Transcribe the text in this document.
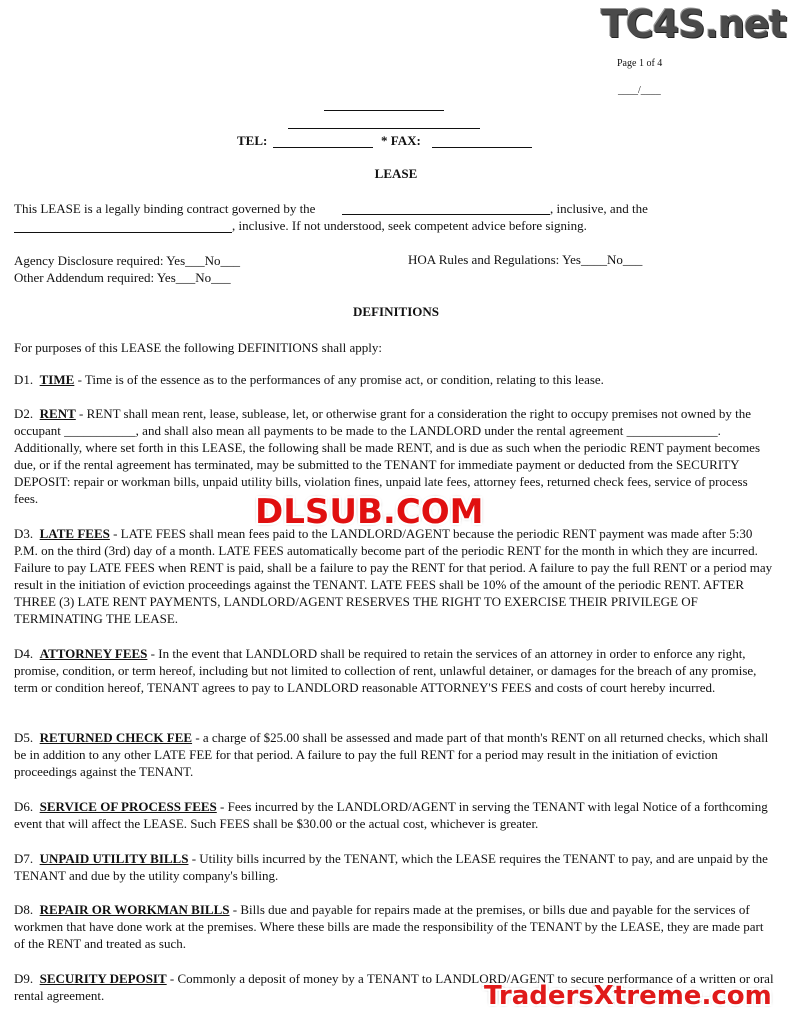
TC4S.net
Page 1 of 4
____/____
TEL:	* FAX:
LEASE
This LEASE is a legally binding contract governed by the	, inclusive, and the
, inclusive. If not understood, seek competent advice before signing.
Agency Disclosure required: Yes___No___	HOA Rules and Regulations: Yes____No___
Other Addendum required: Yes___No___
DEFINITIONS
For purposes of this LEASE the following DEFINITIONS shall apply:

D1. TIME - Time is of the essence as to the performances of any promise act, or condition, relating to this lease.

D2. RENT - RENT shall mean rent, lease, sublease, let, or otherwise grant for a consideration the right to occupy premises not owned by the occupant ___________, and shall also mean all payments to be made to the LANDLORD under the rental agreement ______________. Additionally, where set forth in this LEASE, the following shall be made RENT, and is due as such when the periodic RENT payment becomes due, or if the rental agreement has terminated, may be submitted to the TENANT for immediate payment or deducted from the SECURITY DEPOSIT: repair or workman bills, unpaid utility bills, violation fines, unpaid late fees, attorney fees, returned check fees, service of process fees.

D3. LATE FEES - LATE FEES shall mean fees paid to the LANDLORD/AGENT because the periodic RENT payment was made after 5:30 P.M. on the third (3rd) day of a month. LATE FEES automatically become part of the periodic RENT for the month in which they are incurred. Failure to pay LATE FEES when RENT is paid, shall be a failure to pay the RENT for that period. A failure to pay the full RENT or a period may result in the initiation of eviction proceedings against the TENANT. LATE FEES shall be 10% of the amount of the periodic RENT. AFTER THREE (3) LATE RENT PAYMENTS, LANDLORD/AGENT RESERVES THE RIGHT TO EXERCISE THEIR PRIVILEGE OF TERMINATING THE LEASE.

D4. ATTORNEY FEES - In the event that LANDLORD shall be required to retain the services of an attorney in order to enforce any right, promise, condition, or term hereof, including but not limited to collection of rent, unlawful detainer, or damages for the breach of any promise, term or condition hereof, TENANT agrees to pay to LANDLORD reasonable ATTORNEY'S FEES and costs of court hereby incurred.

D5. RETURNED CHECK FEE - a charge of $25.00 shall be assessed and made part of that month's RENT on all returned checks, which shall be in addition to any other LATE FEE for that period. A failure to pay the full RENT for a period may result in the initiation of eviction proceedings against the TENANT.

D6. SERVICE OF PROCESS FEES - Fees incurred by the LANDLORD/AGENT in serving the TENANT with legal Notice of a forthcoming event that will affect the LEASE. Such FEES shall be $30.00 or the actual cost, whichever is greater.

D7. UNPAID UTILITY BILLS - Utility bills incurred by the TENANT, which the LEASE requires the TENANT to pay, and are unpaid by the TENANT and due by the utility company's billing.

D8. REPAIR OR WORKMAN BILLS - Bills due and payable for repairs made at the premises, or bills due and payable for the services of workmen that have done work at the premises. Where these bills are made the responsibility of the TENANT by the LEASE, they are made part of the RENT and treated as such.

D9. SECURITY DEPOSIT - Commonly a deposit of money by a TENANT to LANDLORD/AGENT to secure performance of a written or oral rental agreement.

DLSUB.COM
TradersXtreme.com
